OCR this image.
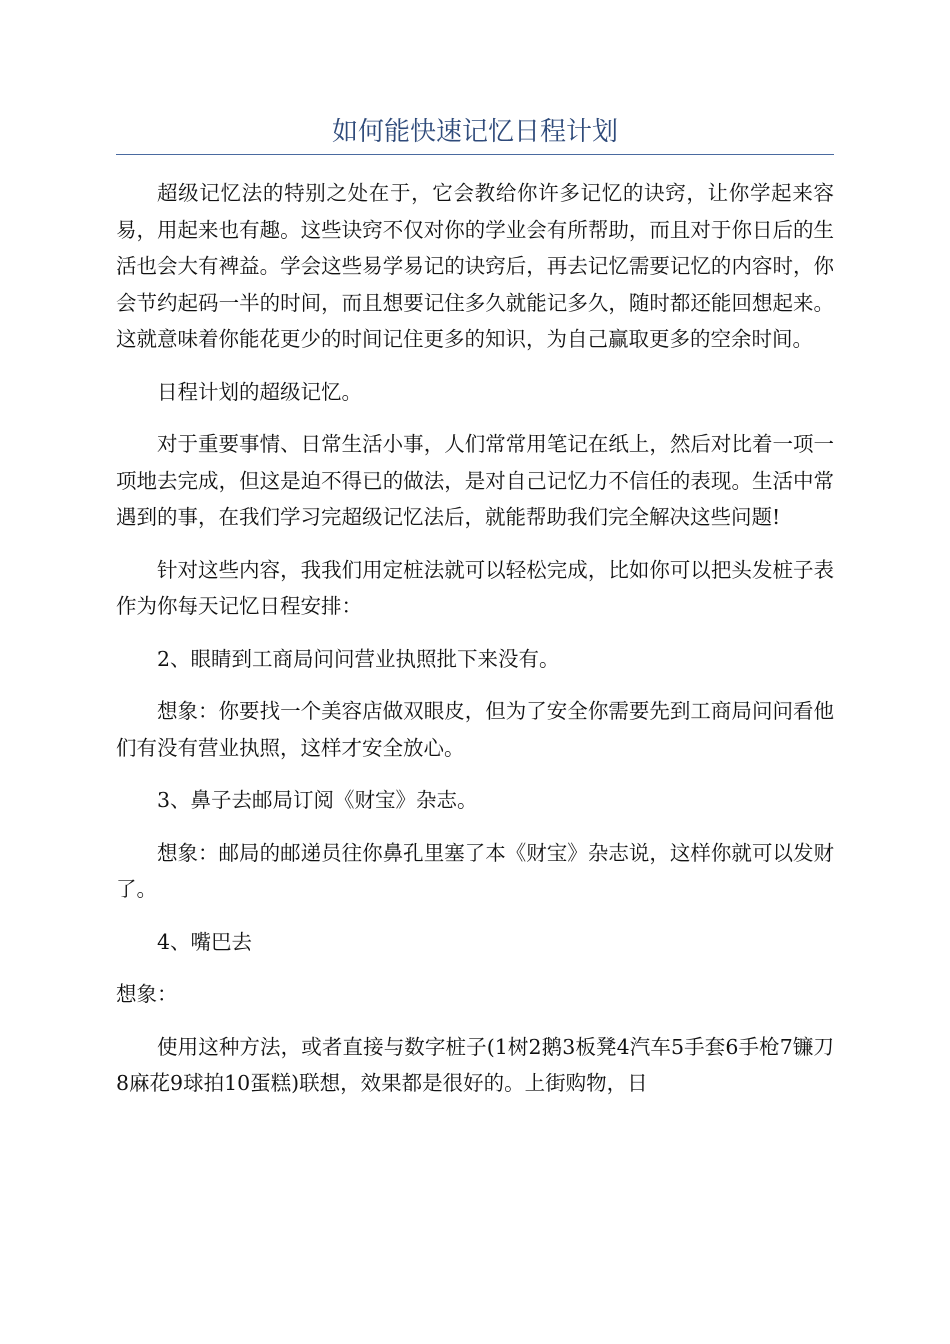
如何能快速记忆日程计划

超级记忆法的特别之处在于，它会教给你许多记忆的诀窍，让你学起来容易，用起来也有趣。这些诀窍不仅对你的学业会有所帮助，而且对于你日后的生活也会大有裨益。学会这些易学易记的诀窍后，再去记忆需要记忆的内容时，你会节约起码一半的时间，而且想要记住多久就能记多久，随时都还能回想起来。这就意味着你能花更少的时间记住更多的知识，为自己赢取更多的空余时间。

日程计划的超级记忆。

对于重要事情、日常生活小事，人们常常用笔记在纸上，然后对比着一项一项地去完成，但这是迫不得已的做法，是对自己记忆力不信任的表现。生活中常遇到的事，在我们学习完超级记忆法后，就能帮助我们完全解决这些问题!

针对这些内容，我我们用定桩法就可以轻松完成，比如你可以把头发桩子表作为你每天记忆日程安排：

2、眼睛到工商局问问营业执照批下来没有。

想象：你要找一个美容店做双眼皮，但为了安全你需要先到工商局问问看他们有没有营业执照，这样才安全放心。

3、鼻子去邮局订阅《财宝》杂志。

想象：邮局的邮递员往你鼻孔里塞了本《财宝》杂志说，这样你就可以发财了。

4、嘴巴去

想象：

使用这种方法，或者直接与数字桩子(1树2鹅3板凳4汽车5手套6手枪7镰刀8麻花9球拍10蛋糕)联想，效果都是很好的。上街购物，日
